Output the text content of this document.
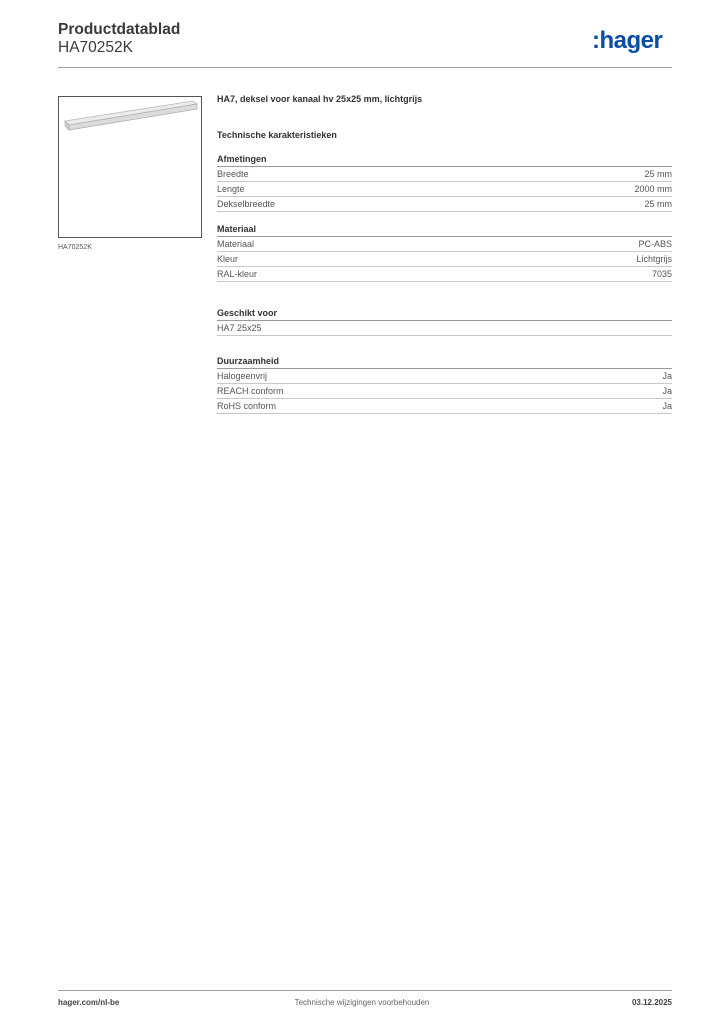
Productdatablad
HA70252K	:hager
HA70252K
HA7, deksel voor kanaal hv 25x25 mm, lichtgrijs
Technische karakteristieken
Afmetingen
Breedte	25 mm
Lengte	2000 mm
Dekselbreedte	25 mm
Materiaal
Materiaal	PC-ABS
Kleur	Lichtgrijs
RAL-kleur	7035
Geschikt voor
HA7 25x25
Duurzaamheid
Halogeenvrij	Ja
REACH conform	Ja
RoHS conform	Ja
hager.com/nl-be	Technische wijzigingen voorbehouden	03.12.2025
